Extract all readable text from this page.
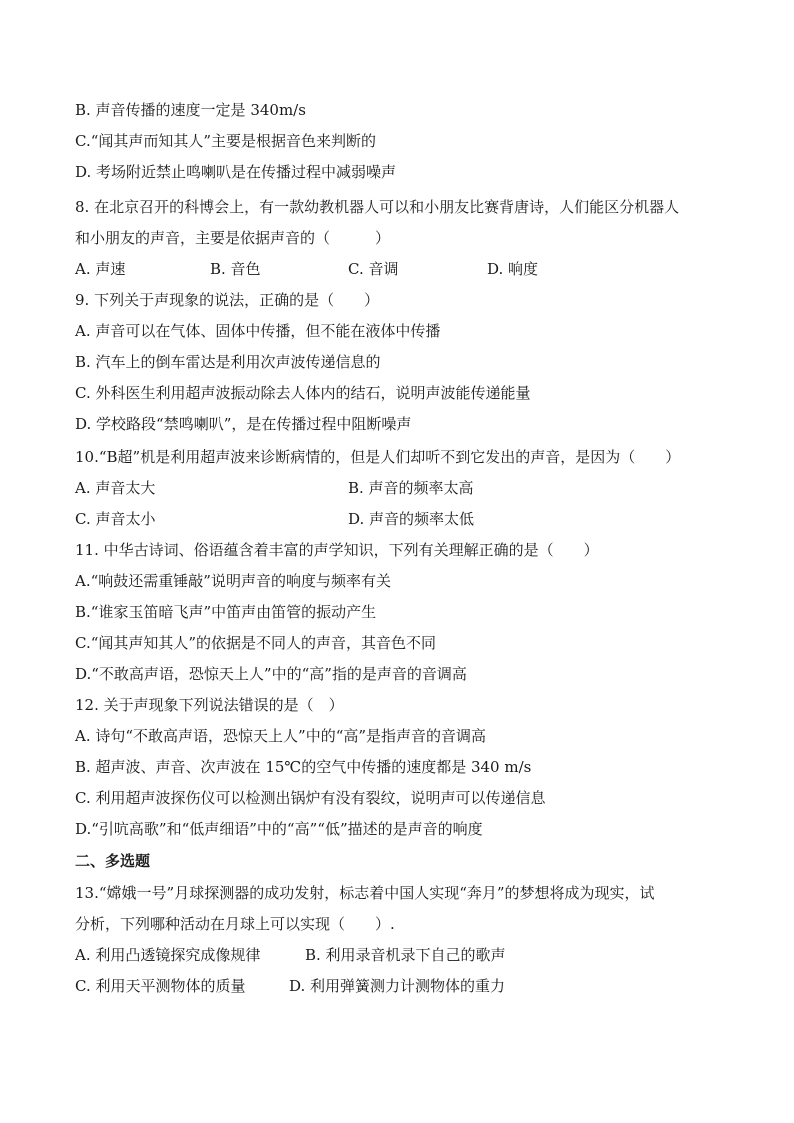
B. 声音传播的速度一定是 340m/s
C.“闻其声而知其人”主要是根据音色来判断的
D. 考场附近禁止鸣喇叭是在传播过程中减弱噪声
8. 在北京召开的科博会上，有一款幼教机器人可以和小朋友比赛背唐诗，人们能区分机器人
和小朋友的声音，主要是依据声音的（　　　）
A. 声速	B. 音色	C. 音调	D. 响度
9. 下列关于声现象的说法，正确的是（　　）
A. 声音可以在气体、固体中传播，但不能在液体中传播
B. 汽车上的倒车雷达是利用次声波传递信息的
C. 外科医生利用超声波振动除去人体内的结石，说明声波能传递能量
D. 学校路段“禁鸣喇叭”，是在传播过程中阻断噪声
10.“B超”机是利用超声波来诊断病情的，但是人们却听不到它发出的声音，是因为（　　）
A. 声音太大	B. 声音的频率太高
C. 声音太小	D. 声音的频率太低
11. 中华古诗词、俗语蕴含着丰富的声学知识，下列有关理解正确的是（　　）
A.“响鼓还需重锤敲”说明声音的响度与频率有关
B.“谁家玉笛暗飞声”中笛声由笛管的振动产生
C.“闻其声知其人”的依据是不同人的声音，其音色不同
D.“不敢高声语，恐惊天上人”中的“高”指的是声音的音调高
12. 关于声现象下列说法错误的是（　）
A. 诗句“不敢高声语，恐惊天上人”中的“高”是指声音的音调高
B. 超声波、声音、次声波在 15℃的空气中传播的速度都是 340 m/s
C. 利用超声波探伤仪可以检测出锅炉有没有裂纹，说明声可以传递信息
D.“引吭高歌”和“低声细语”中的“高”“低”描述的是声音的响度
二、多选题
13.“嫦娥一号”月球探测器的成功发射，标志着中国人实现“奔月”的梦想将成为现实，试
分析，下列哪种活动在月球上可以实现（　　）.
A. 利用凸透镜探究成像规律	B. 利用录音机录下自己的歌声
C. 利用天平测物体的质量	D. 利用弹簧测力计测物体的重力
